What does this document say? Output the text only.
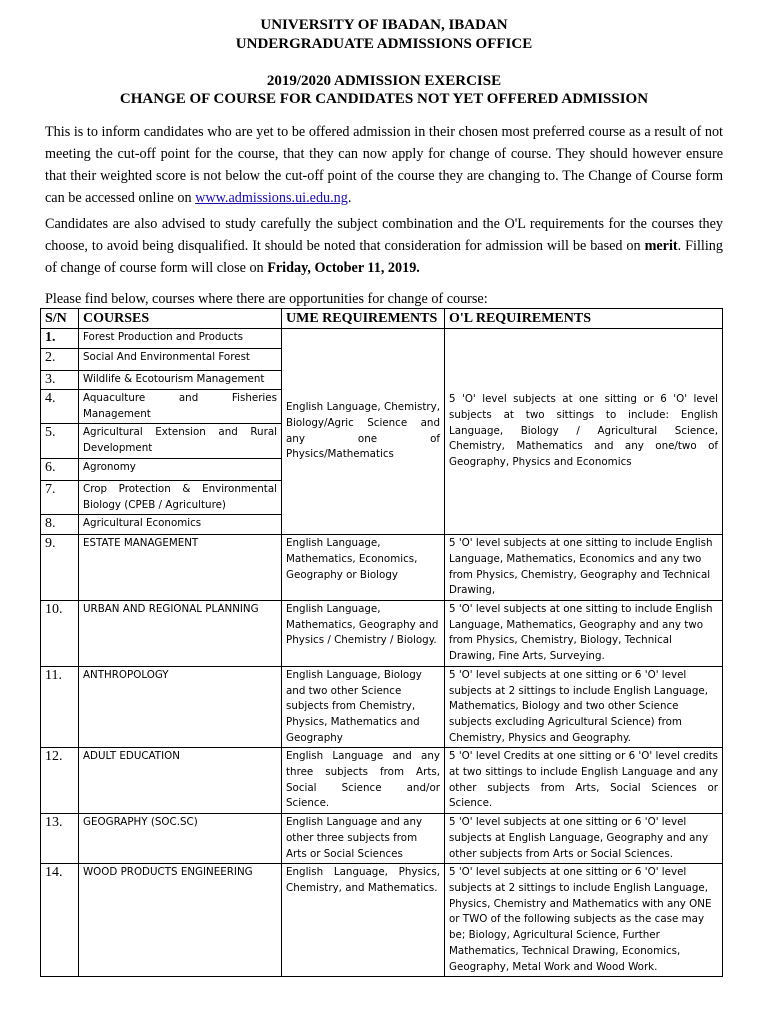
UNIVERSITY OF IBADAN, IBADAN
UNDERGRADUATE ADMISSIONS OFFICE
2019/2020 ADMISSION EXERCISE
CHANGE OF COURSE FOR CANDIDATES NOT YET OFFERED ADMISSION
This is to inform candidates who are yet to be offered admission in their chosen most preferred course as a result of not meeting the cut-off point for the course, that they can now apply for change of course. They should however ensure that their weighted score is not below the cut-off point of the course they are changing to. The Change of Course form can be accessed online on www.admissions.ui.edu.ng.
Candidates are also advised to study carefully the subject combination and the O'L requirements for the courses they choose, to avoid being disqualified. It should be noted that consideration for admission will be based on merit. Filling of change of course form will close on Friday, October 11, 2019.
Please find below, courses where there are opportunities for change of course:
S/N	COURSES	UME REQUIREMENTS	O'L REQUIREMENTS
1.	Forest Production and Products	English Language, Chemistry, Biology/Agric Science and any one of Physics/Mathematics	5 'O' level subjects at one sitting or 6 'O' level subjects at two sittings to include: English Language, Biology / Agricultural Science, Chemistry, Mathematics and any one/two of Geography, Physics and Economics
2.	Social And Environmental Forest		
3.	Wildlife & Ecotourism Management		
4.	Aquaculture and Fisheries Management		
5.	Agricultural Extension and Rural Development		
6.	Agronomy		
7.	Crop Protection & Environmental Biology (CPEB / Agriculture)		
8.	Agricultural Economics		
9.	ESTATE MANAGEMENT	English Language, Mathematics, Economics, Geography or Biology	5 'O' level subjects at one sitting to include English Language, Mathematics, Economics and any two from Physics, Chemistry, Geography and Technical Drawing,
10.	URBAN AND REGIONAL PLANNING	English Language, Mathematics, Geography and Physics / Chemistry / Biology.	5 'O' level subjects at one sitting to include English Language, Mathematics, Geography and any two from Physics, Chemistry, Biology, Technical Drawing, Fine Arts, Surveying.
11.	ANTHROPOLOGY	English Language, Biology and two other Science subjects from Chemistry, Physics, Mathematics and Geography	5 'O' level subjects at one sitting or 6 'O' level subjects at 2 sittings to include English Language, Mathematics, Biology and two other Science subjects excluding Agricultural Science) from Chemistry, Physics and Geography.
12.	ADULT EDUCATION	English Language and any three subjects from Arts, Social Science and/or Science.	5 'O' level Credits at one sitting or 6 'O' level credits at two sittings to include English Language and any other subjects from Arts, Social Sciences or Science.
13.	GEOGRAPHY (SOC.SC)	English Language and any other three subjects from Arts or Social Sciences	5 'O' level subjects at one sitting or 6 'O' level subjects at English Language, Geography and any other subjects from Arts or Social Sciences.
14.	WOOD PRODUCTS ENGINEERING	English Language, Physics, Chemistry, and Mathematics.	5 'O' level subjects at one sitting or 6 'O' level subjects at 2 sittings to include English Language, Physics, Chemistry and Mathematics with any ONE or TWO of the following subjects as the case may be; Biology, Agricultural Science, Further Mathematics, Technical Drawing, Economics, Geography, Metal Work and Wood Work.
